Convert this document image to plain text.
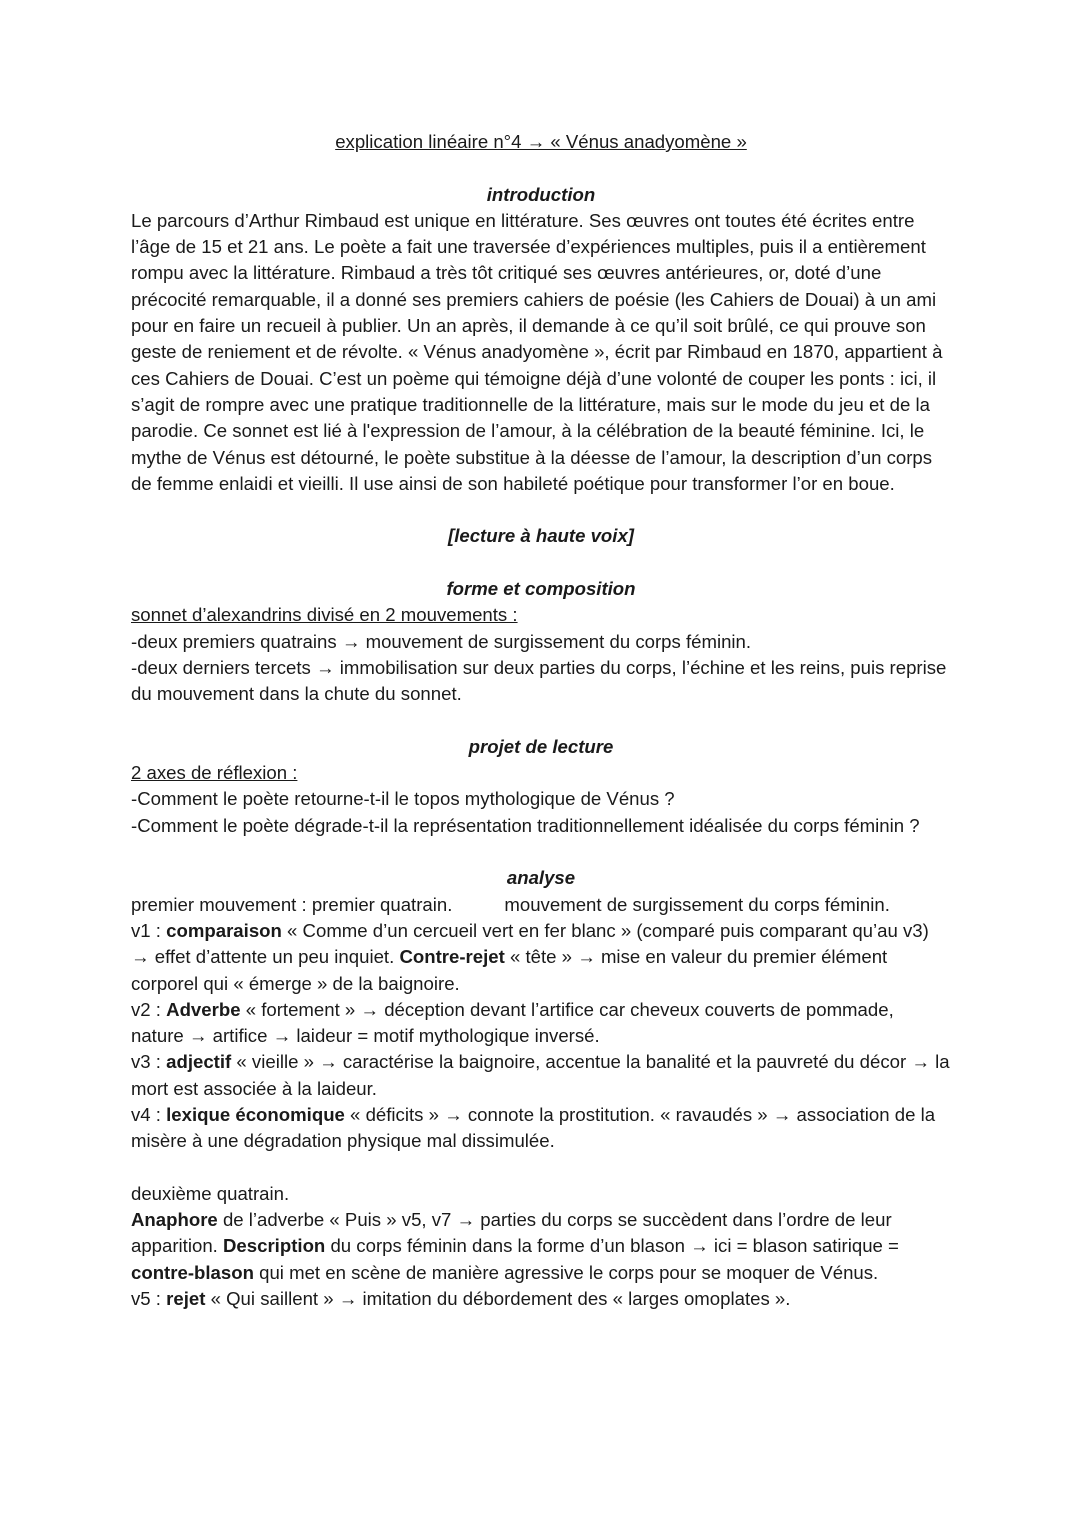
explication linéaire n°4 → « Vénus anadyomène »

introduction

Le parcours d’Arthur Rimbaud est unique en littérature. Ses œuvres ont toutes été écrites entre l’âge de 15 et 21 ans. Le poète a fait une traversée d’expériences multiples, puis il a entièrement rompu avec la littérature. Rimbaud a très tôt critiqué ses œuvres antérieures, or, doté d’une précocité remarquable, il a donné ses premiers cahiers de poésie (les Cahiers de Douai) à un ami pour en faire un recueil à publier. Un an après, il demande à ce qu’il soit brûlé, ce qui prouve son geste de reniement et de révolte. « Vénus anadyomène », écrit par Rimbaud en 1870, appartient à ces Cahiers de Douai. C’est un poème qui témoigne déjà d’une volonté de couper les ponts : ici, il s’agit de rompre avec une pratique traditionnelle de la littérature, mais sur le mode du jeu et de la parodie. Ce sonnet est lié à l'expression de l’amour, à la célébration de la beauté féminine. Ici, le mythe de Vénus est détourné, le poète substitue à la déesse de l’amour, la description d’un corps de femme enlaidi et vieilli. Il use ainsi de son habileté poétique pour transformer l’or en boue.

[lecture à haute voix]

forme et composition

sonnet d’alexandrins divisé en 2 mouvements :

-deux premiers quatrains → mouvement de surgissement du corps féminin.

-deux derniers tercets → immobilisation sur deux parties du corps, l’échine et les reins, puis reprise du mouvement dans la chute du sonnet.

projet de lecture

2 axes de réflexion :

-Comment le poète retourne-t-il le topos mythologique de Vénus ?

-Comment le poète dégrade-t-il la représentation traditionnellement idéalisée du corps féminin ?

analyse

premier mouvement : premier quatrain.	mouvement de surgissement du corps féminin.

v1 : comparaison « Comme d’un cercueil vert en fer blanc » (comparé puis comparant qu’au v3) → effet d’attente un peu inquiet. Contre-rejet « tête » → mise en valeur du premier élément corporel qui « émerge » de la baignoire.

v2 : Adverbe « fortement » → déception devant l’artifice car cheveux couverts de pommade, nature → artifice → laideur = motif mythologique inversé.

v3 : adjectif « vieille » → caractérise la baignoire, accentue la banalité et la pauvreté du décor → la mort est associée à la laideur.

v4 : lexique économique « déficits » → connote la prostitution. « ravaudés » → association de la misère à une dégradation physique mal dissimulée.

deuxième quatrain.

Anaphore de l’adverbe « Puis » v5, v7 → parties du corps se succèdent dans l’ordre de leur apparition. Description du corps féminin dans la forme d’un blason → ici = blason satirique = contre-blason qui met en scène de manière agressive le corps pour se moquer de Vénus.

v5 : rejet « Qui saillent » → imitation du débordement des « larges omoplates ».
